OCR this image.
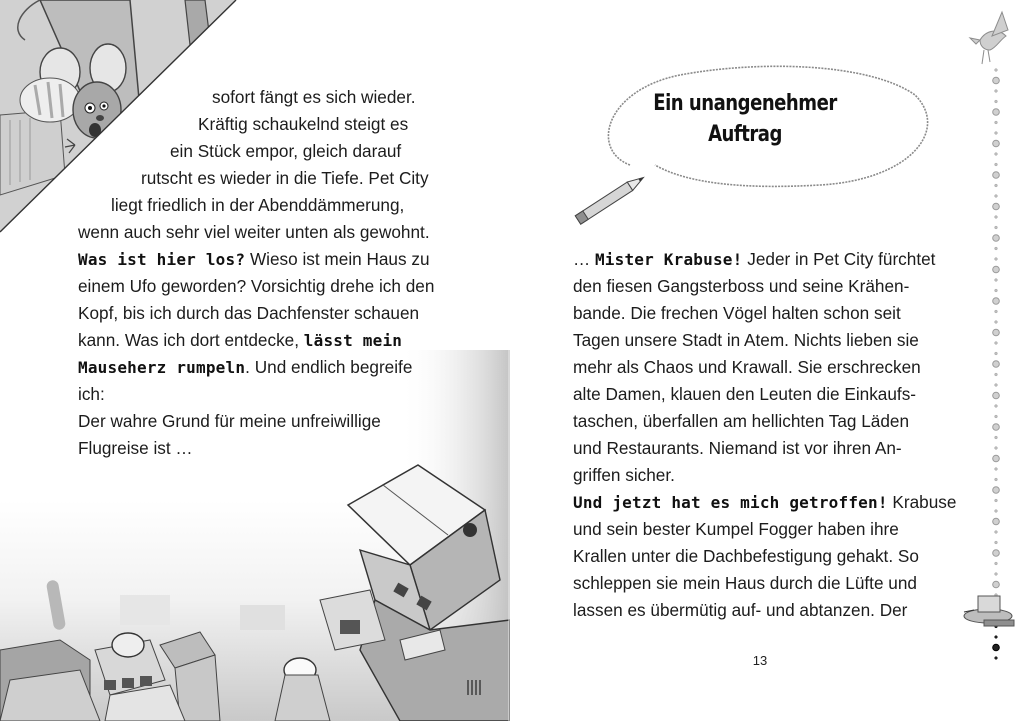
sofort fängt es sich wieder.
Kräftig schaukelnd steigt es
ein Stück empor, gleich darauf
rutscht es wieder in die Tiefe. Pet City
liegt friedlich in der Abenddämmerung,
wenn auch sehr viel weiter unten als gewohnt.
Was ist hier los? Wieso ist mein Haus zu
einem Ufo geworden? Vorsichtig drehe ich den
Kopf, bis ich durch das Dachfenster schauen
kann. Was ich dort entdecke, lässt mein
Mauseherz rumpeln. Und endlich begreife
ich:
Der wahre Grund für meine unfreiwillige
Flugreise ist …
Ein unangenehmer
Auftrag
… Mister Krabuse! Jeder in Pet City fürchtet
den fiesen Gangsterboss und seine Krähen-
bande. Die frechen Vögel halten schon seit
Tagen unsere Stadt in Atem. Nichts lieben sie
mehr als Chaos und Krawall. Sie erschrecken
alte Damen, klauen den Leuten die Einkaufs-
taschen, überfallen am hellichten Tag Läden
und Restaurants. Niemand ist vor ihren An-
griffen sicher.
Und jetzt hat es mich getroffen! Krabuse
und sein bester Kumpel Fogger haben ihre
Krallen unter die Dachbefestigung gehakt. So
schleppen sie mein Haus durch die Lüfte und
lassen es übermütig auf- und abtanzen. Der
13
